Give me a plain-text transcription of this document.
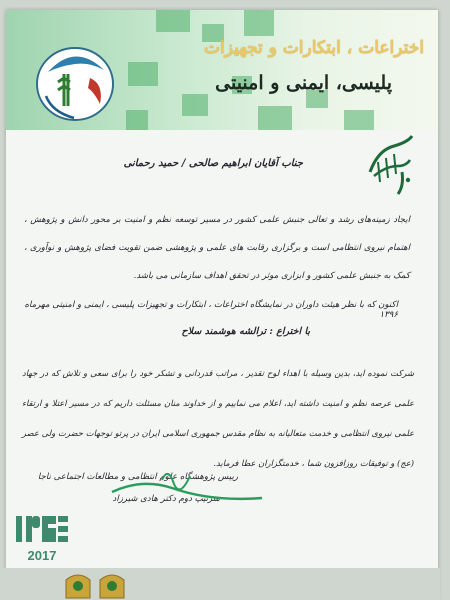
اختراعات ، ابتکارات و تجهیزات

پلیسی، ایمنی و امنیتی

جناب آقایان ابراهیم صالحی / حمید رحمانی

ایجاد زمینه‌های رشد و تعالی جنبش علمی کشور در مسیر توسعه نظم و امنیت بر محور دانش و پژوهش ، اهتمام نیروی انتظامی است و برگزاری رقابت های علمی و پژوهشی ضمن تقویت فضای پژوهش و نوآوری ، کمک به جنبش علمی کشور و ابزاری موثر در تحقق اهداف سازمانی می باشد.

اکنون که با نظر هیئت داوران در نمایشگاه اختراعات ، ابتکارات و تجهیزات پلیسی ، ایمنی و امنیتی مهرماه ۱۳۹۶

با اختراع : ترالشه هوشمند سلاح

شرکت نموده اید، بدین وسیله با اهداء لوح تقدیر ، مراتب قدردانی و تشکر خود را برای سعی و تلاش که در جهاد علمی عرصه نظم و امنیت داشته اید، اعلام می نماییم و از خداوند منان مسئلت داریم که در مسیر اعتلا و ارتقاء علمی نیروی انتظامی و خدمت متعالیانه به نظام مقدس جمهوری اسلامی ایران در پرتو توجهات حضرت ولی عصر (عج) و توفیقات روزافزون شما ، خدمتگزاران عطا فرماید.

رییس پژوهشگاه علوم انتظامی و مطالعات اجتماعی ناجا

سرتیپ دوم دکتر هادی شیرزاد

2017
